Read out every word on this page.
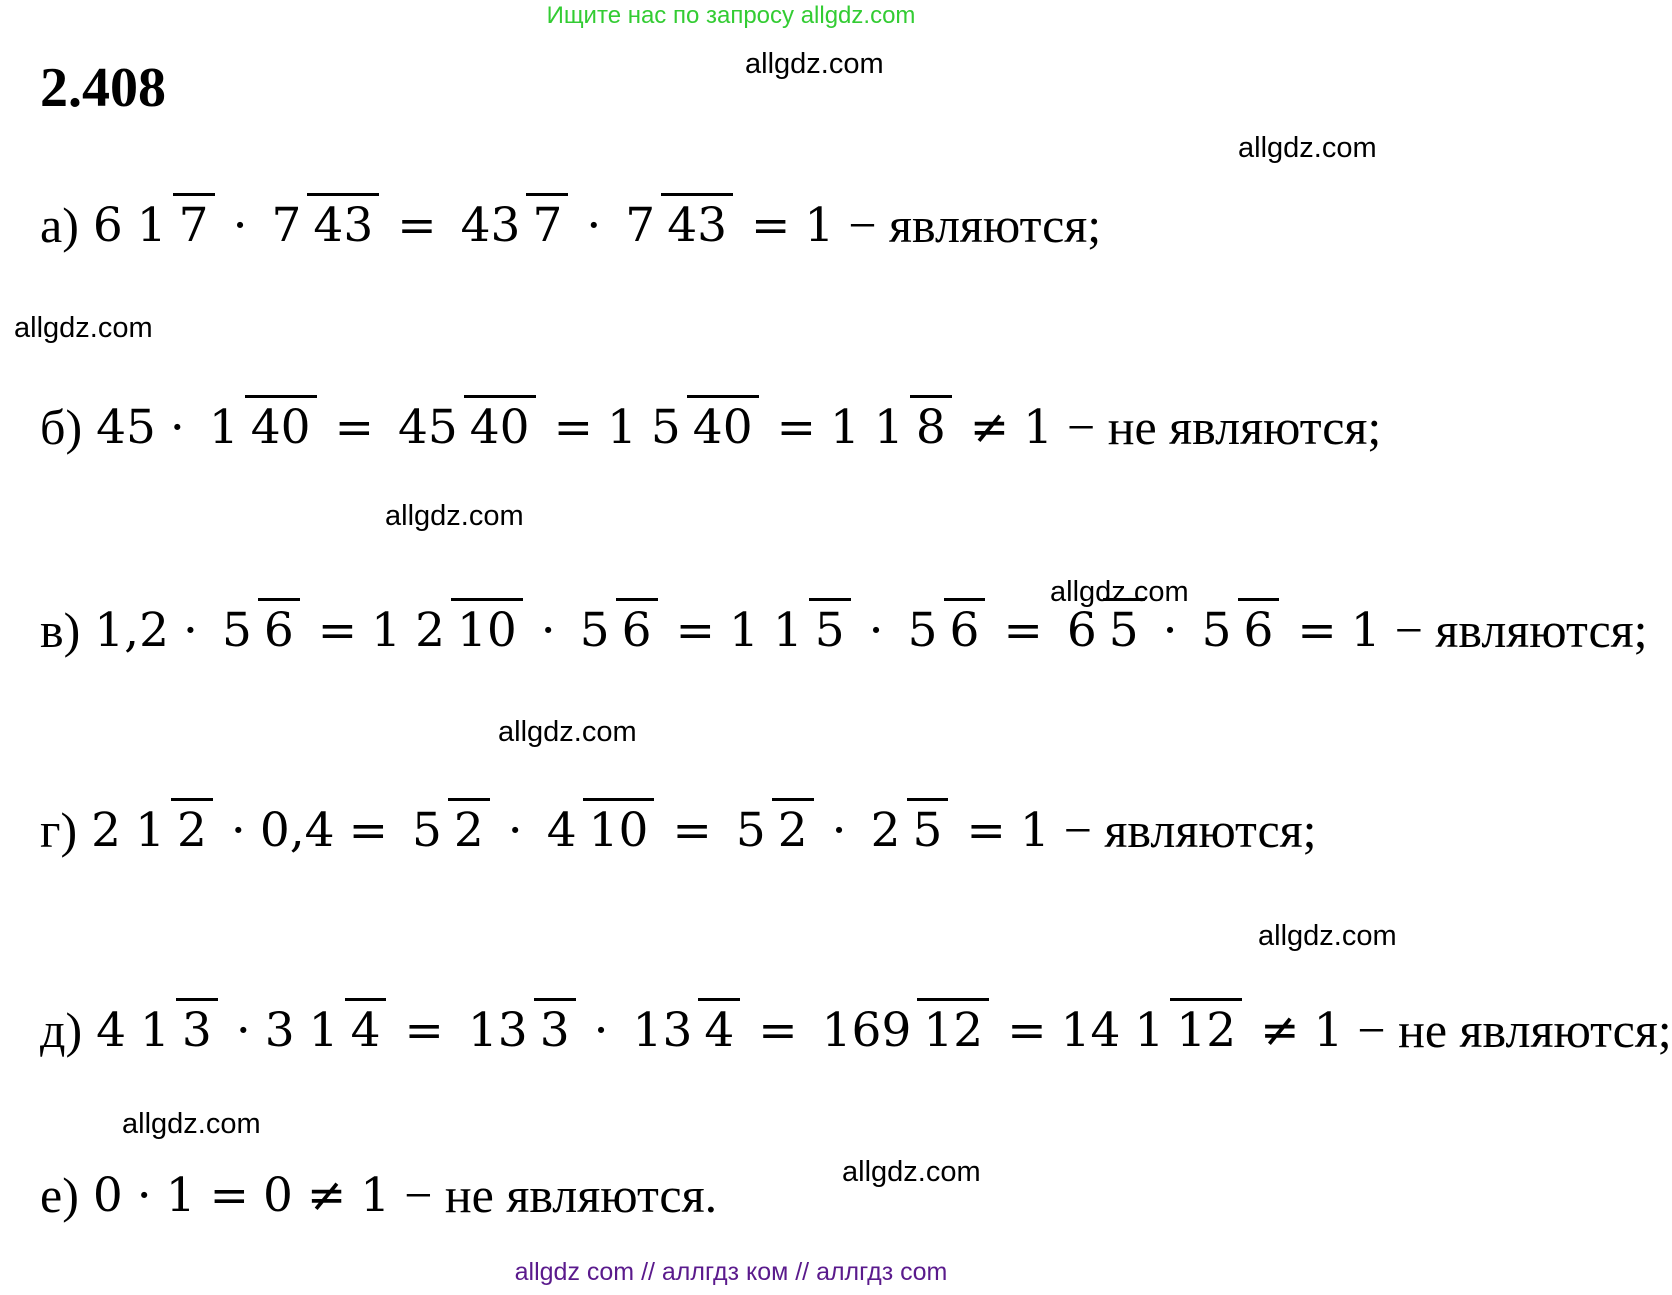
Ищите нас по запросу allgdz.com
2.408	allgdz.com
allgdz.com
allgdz.com
allgdz.com
allgdz.com
allgdz.com
allgdz.com
allgdz.com
allgdz.com
а) 6 1 7 · 7 43 = 43 7 · 7 43 = 1 − являются;
б) 45 · 1 40 = 45 40 = 1 5 40 = 1 1 8 ≠ 1 − не являются;
в) 1,2 · 5 6 = 1 2 10 · 5 6 = 1 1 5 · 5 6 = 6 5 · 5 6 = 1 − являются;
г) 2 1 2 · 0,4 = 5 2 · 4 10 = 5 2 · 2 5 = 1 − являются;
д) 4 1 3 · 3 1 4 = 13 3 · 13 4 = 169 12 = 14 1 12 ≠ 1 − не являются;
е) 0 · 1 = 0 ≠ 1 − не являются.
allgdz com // аллгдз ком // аллгдз com
